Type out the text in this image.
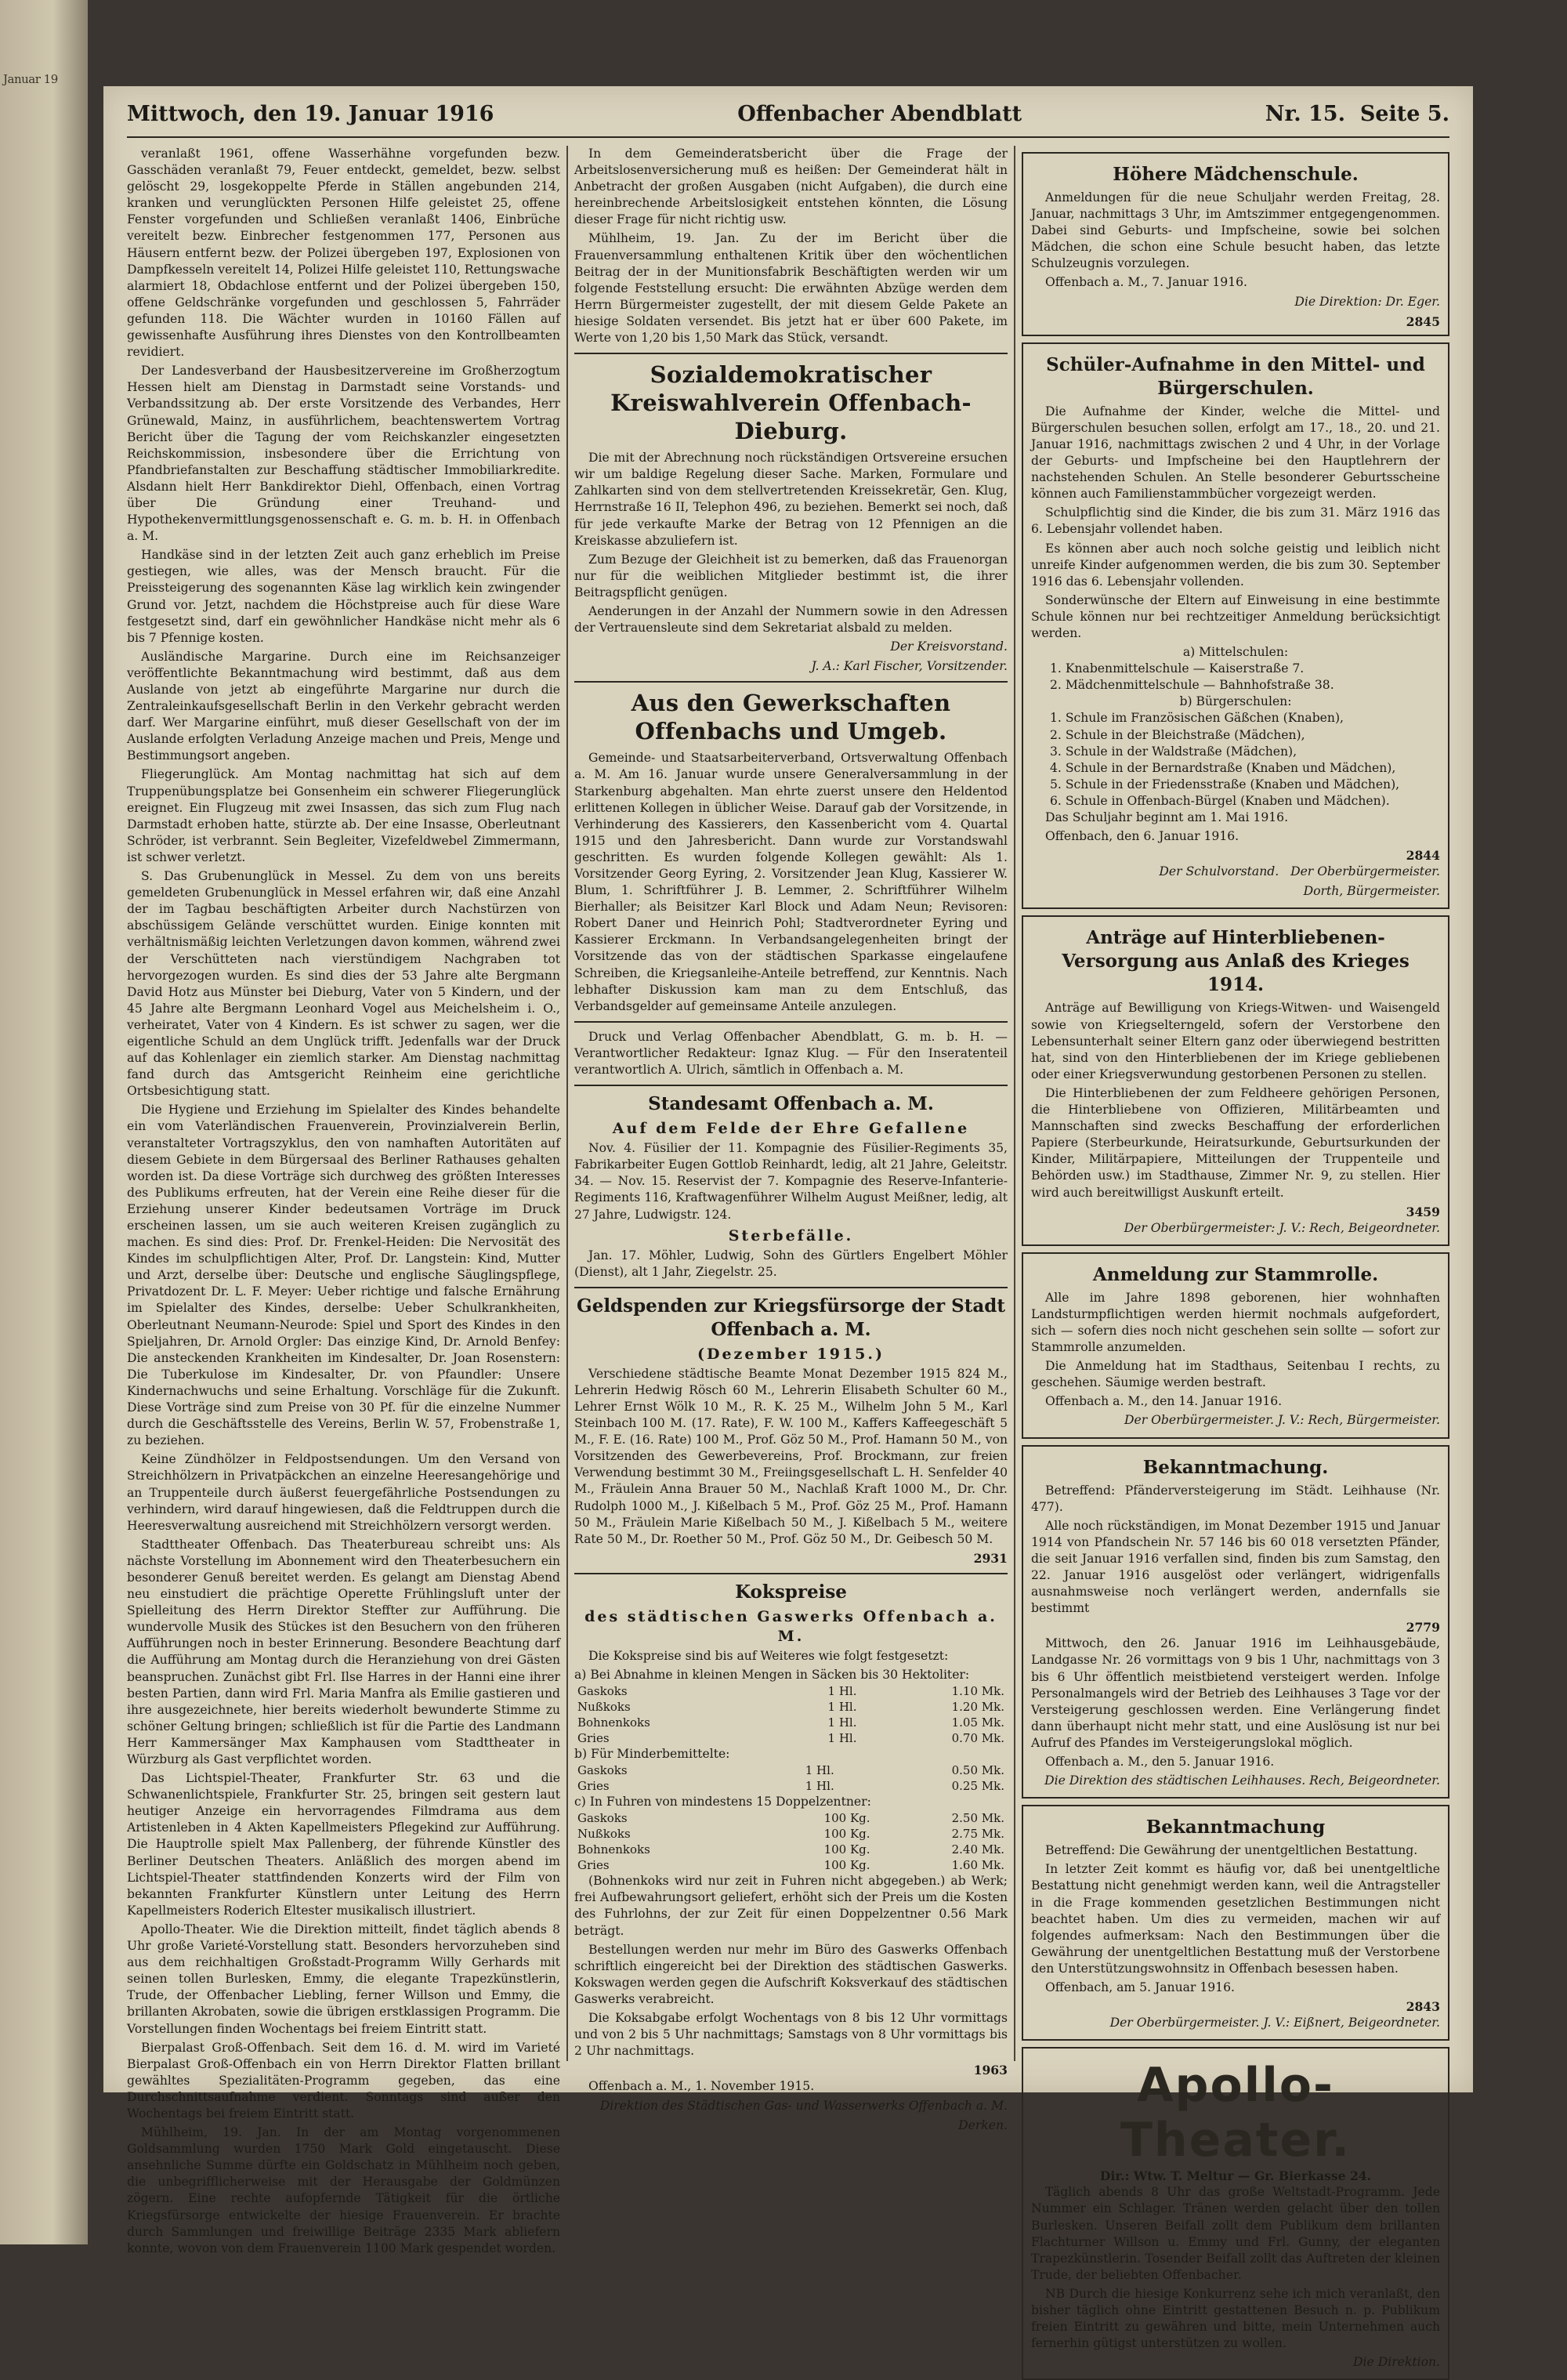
Januar 19

Mittwoch, den 19. Januar 1916	Offenbacher Abendblatt	Nr. 15. Seite 5.

veranlaßt 1961, offene Wasserhähne vorgefunden bezw. Gasschäden veranlaßt 79, Feuer entdeckt, gemeldet, bezw. selbst gelöscht 29, losgekoppelte Pferde in Ställen angebunden 214, kranken und verunglückten Personen Hilfe geleistet 25, offene Fenster vorgefunden und Schließen veranlaßt 1406, Einbrüche vereitelt bezw. Einbrecher festgenommen 177, Personen aus Häusern entfernt bezw. der Polizei übergeben 197, Explosionen von Dampfkesseln vereitelt 14, Polizei Hilfe geleistet 110, Rettungswache alarmiert 18, Obdachlose entfernt und der Polizei übergeben 150, offene Geldschränke vorgefunden und geschlossen 5, Fahrräder gefunden 118. Die Wächter wurden in 10160 Fällen auf gewissenhafte Ausführung ihres Dienstes von den Kontrollbeamten revidiert.

Der Landesverband der Hausbesitzervereine im Großherzogtum Hessen hielt am Dienstag in Darmstadt seine Vorstands- und Verbandssitzung ab. Der erste Vorsitzende des Verbandes, Herr Grünewald, Mainz, in ausführlichem, beachtenswertem Vortrag Bericht über die Tagung der vom Reichskanzler eingesetzten Reichskommission, insbesondere über die Errichtung von Pfandbriefanstalten zur Beschaffung städtischer Immobiliarkredite. Alsdann hielt Herr Bankdirektor Diehl, Offenbach, einen Vortrag über Die Gründung einer Treuhand- und Hypothekenvermittlungsgenossenschaft e. G. m. b. H. in Offenbach a. M.

Handkäse sind in der letzten Zeit auch ganz erheblich im Preise gestiegen, wie alles, was der Mensch braucht. Für die Preissteigerung des sogenannten Käse lag wirklich kein zwingender Grund vor. Jetzt, nachdem die Höchstpreise auch für diese Ware festgesetzt sind, darf ein gewöhnlicher Handkäse nicht mehr als 6 bis 7 Pfennige kosten.

Ausländische Margarine. Durch eine im Reichsanzeiger veröffentlichte Bekanntmachung wird bestimmt, daß aus dem Auslande von jetzt ab eingeführte Margarine nur durch die Zentraleinkaufsgesellschaft Berlin in den Verkehr gebracht werden darf. Wer Margarine einführt, muß dieser Gesellschaft von der im Auslande erfolgten Verladung Anzeige machen und Preis, Menge und Bestimmungsort angeben.

Fliegerunglück. Am Montag nachmittag hat sich auf dem Truppenübungsplatze bei Gonsenheim ein schwerer Fliegerunglück ereignet. Ein Flugzeug mit zwei Insassen, das sich zum Flug nach Darmstadt erhoben hatte, stürzte ab. Der eine Insasse, Oberleutnant Schröder, ist verbrannt. Sein Begleiter, Vizefeldwebel Zimmermann, ist schwer verletzt.

S. Das Grubenunglück in Messel. Zu dem von uns bereits gemeldeten Grubenunglück in Messel erfahren wir, daß eine Anzahl der im Tagbau beschäftigten Arbeiter durch Nachstürzen von abschüssigem Gelände verschüttet wurden. Einige konnten mit verhältnismäßig leichten Verletzungen davon kommen, während zwei der Verschütteten nach vierstündigem Nachgraben tot hervorgezogen wurden. Es sind dies der 53 Jahre alte Bergmann David Hotz aus Münster bei Dieburg, Vater von 5 Kindern, und der 45 Jahre alte Bergmann Leonhard Vogel aus Meichelsheim i. O., verheiratet, Vater von 4 Kindern. Es ist schwer zu sagen, wer die eigentliche Schuld an dem Unglück trifft. Jedenfalls war der Druck auf das Kohlenlager ein ziemlich starker. Am Dienstag nachmittag fand durch das Amtsgericht Reinheim eine gerichtliche Ortsbesichtigung statt.

Die Hygiene und Erziehung im Spielalter des Kindes behandelte ein vom Vaterländischen Frauenverein, Provinzialverein Berlin, veranstalteter Vortragszyklus, den von namhaften Autoritäten auf diesem Gebiete in dem Bürgersaal des Berliner Rathauses gehalten worden ist. Da diese Vorträge sich durchweg des größten Interesses des Publikums erfreuten, hat der Verein eine Reihe dieser für die Erziehung unserer Kinder bedeutsamen Vorträge im Druck erscheinen lassen, um sie auch weiteren Kreisen zugänglich zu machen. Es sind dies: Prof. Dr. Frenkel-Heiden: Die Nervosität des Kindes im schulpflichtigen Alter, Prof. Dr. Langstein: Kind, Mutter und Arzt, derselbe über: Deutsche und englische Säuglingspflege, Privatdozent Dr. L. F. Meyer: Ueber richtige und falsche Ernährung im Spielalter des Kindes, derselbe: Ueber Schulkrankheiten, Oberleutnant Neumann-Neurode: Spiel und Sport des Kindes in den Spieljahren, Dr. Arnold Orgler: Das einzige Kind, Dr. Arnold Benfey: Die ansteckenden Krankheiten im Kindesalter, Dr. Joan Rosenstern: Die Tuberkulose im Kindesalter, Dr. von Pfaundler: Unsere Kindernachwuchs und seine Erhaltung. Vorschläge für die Zukunft. Diese Vorträge sind zum Preise von 30 Pf. für die einzelne Nummer durch die Geschäftsstelle des Vereins, Berlin W. 57, Frobenstraße 1, zu beziehen.

Keine Zündhölzer in Feldpostsendungen. Um den Versand von Streichhölzern in Privatpäckchen an einzelne Heeresangehörige und an Truppenteile durch äußerst feuergefährliche Postsendungen zu verhindern, wird darauf hingewiesen, daß die Feldtruppen durch die Heeresverwaltung ausreichend mit Streichhölzern versorgt werden.

Stadttheater Offenbach. Das Theaterbureau schreibt uns: Als nächste Vorstellung im Abonnement wird den Theaterbesuchern ein besonderer Genuß bereitet werden. Es gelangt am Dienstag Abend neu einstudiert die prächtige Operette Frühlingsluft unter der Spielleitung des Herrn Direktor Steffter zur Aufführung. Die wundervolle Musik des Stückes ist den Besuchern von den früheren Aufführungen noch in bester Erinnerung. Besondere Beachtung darf die Aufführung am Montag durch die Heranziehung von drei Gästen beanspruchen. Zunächst gibt Frl. Ilse Harres in der Hanni eine ihrer besten Partien, dann wird Frl. Maria Manfra als Emilie gastieren und ihre ausgezeichnete, hier bereits wiederholt bewunderte Stimme zu schöner Geltung bringen; schließlich ist für die Partie des Landmann Herr Kammersänger Max Kamphausen vom Stadttheater in Würzburg als Gast verpflichtet worden.

Das Lichtspiel-Theater, Frankfurter Str. 63 und die Schwanenlichtspiele, Frankfurter Str. 25, bringen seit gestern laut heutiger Anzeige ein hervorragendes Filmdrama aus dem Artistenleben in 4 Akten Kapellmeisters Pflegekind zur Aufführung. Die Hauptrolle spielt Max Pallenberg, der führende Künstler des Berliner Deutschen Theaters. Anläßlich des morgen abend im Lichtspiel-Theater stattfindenden Konzerts wird der Film von bekannten Frankfurter Künstlern unter Leitung des Herrn Kapellmeisters Roderich Eltester musikalisch illustriert.

Apollo-Theater. Wie die Direktion mitteilt, findet täglich abends 8 Uhr große Varieté-Vorstellung statt. Besonders hervorzuheben sind aus dem reichhaltigen Großstadt-Programm Willy Gerhards mit seinen tollen Burlesken, Emmy, die elegante Trapezkünstlerin, Trude, der Offenbacher Liebling, ferner Willson und Emmy, die brillanten Akrobaten, sowie die übrigen erstklassigen Programm. Die Vorstellungen finden Wochentags bei freiem Eintritt statt.

Bierpalast Groß-Offenbach. Seit dem 16. d. M. wird im Varieté Bierpalast Groß-Offenbach ein von Herrn Direktor Flatten brillant gewähltes Spezialitäten-Programm gegeben, das eine Durchschnittsaufnahme verdient. Sonntags sind außer den Wochentags bei freiem Eintritt statt.

Mühlheim, 19. Jan. In der am Montag vorgenommenen Goldsammlung wurden 1750 Mark Gold eingetauscht. Diese ansehnliche Summe dürfte ein Goldschatz in Mühlheim noch geben, die unbegrifflicherweise mit der Herausgabe der Goldmünzen zögern. Eine rechte aufopfernde Tätigkeit für die örtliche Kriegsfürsorge entwickelte der hiesige Frauenverein. Er brachte durch Sammlungen und freiwillige Beiträge 2335 Mark abliefern konnte, wovon von dem Frauenverein 1100 Mark gespendet worden.

In dem Gemeinderatsbericht über die Frage der Arbeitslosenversicherung muß es heißen: Der Gemeinderat hält in Anbetracht der großen Ausgaben (nicht Aufgaben), die durch eine hereinbrechende Arbeitslosigkeit entstehen könnten, die Lösung dieser Frage für nicht richtig usw.

Mühlheim, 19. Jan. Zu der im Bericht über die Frauenversammlung enthaltenen Kritik über den wöchentlichen Beitrag der in der Munitionsfabrik Beschäftigten werden wir um folgende Feststellung ersucht: Die erwähnten Abzüge werden dem Herrn Bürgermeister zugestellt, der mit diesem Gelde Pakete an hiesige Soldaten versendet. Bis jetzt hat er über 600 Pakete, im Werte von 1,20 bis 1,50 Mark das Stück, versandt.

Sozialdemokratischer Kreiswahlverein Offenbach-Dieburg.

Die mit der Abrechnung noch rückständigen Ortsvereine ersuchen wir um baldige Regelung dieser Sache. Marken, Formulare und Zahlkarten sind von dem stellvertretenden Kreissekretär, Gen. Klug, Herrnstraße 16 II, Telephon 496, zu beziehen. Bemerkt sei noch, daß für jede verkaufte Marke der Betrag von 12 Pfennigen an die Kreiskasse abzuliefern ist.

Zum Bezuge der Gleichheit ist zu bemerken, daß das Frauenorgan nur für die weiblichen Mitglieder bestimmt ist, die ihrer Beitragspflicht genügen.

Aenderungen in der Anzahl der Nummern sowie in den Adressen der Vertrauensleute sind dem Sekretariat alsbald zu melden.

Der Kreisvorstand.
J. A.: Karl Fischer, Vorsitzender.
Aus den Gewerkschaften Offenbachs und Umgeb.

Gemeinde- und Staatsarbeiterverband, Ortsverwaltung Offenbach a. M. Am 16. Januar wurde unsere Generalversammlung in der Starkenburg abgehalten. Man ehrte zuerst unsere den Heldentod erlittenen Kollegen in üblicher Weise. Darauf gab der Vorsitzende, in Verhinderung des Kassierers, den Kassenbericht vom 4. Quartal 1915 und den Jahresbericht. Dann wurde zur Vorstandswahl geschritten. Es wurden folgende Kollegen gewählt: Als 1. Vorsitzender Georg Eyring, 2. Vorsitzender Jean Klug, Kassierer W. Blum, 1. Schriftführer J. B. Lemmer, 2. Schriftführer Wilhelm Bierhaller; als Beisitzer Karl Block und Adam Neun; Revisoren: Robert Daner und Heinrich Pohl; Stadtverordneter Eyring und Kassierer Erckmann. In Verbandsangelegenheiten bringt der Vorsitzende das von der städtischen Sparkasse eingelaufene Schreiben, die Kriegsanleihe-Anteile betreffend, zur Kenntnis. Nach lebhafter Diskussion kam man zu dem Entschluß, das Verbandsgelder auf gemeinsame Anteile anzulegen.

Druck und Verlag Offenbacher Abendblatt, G. m. b. H. — Verantwortlicher Redakteur: Ignaz Klug. — Für den Inseratenteil verantwortlich A. Ulrich, sämtlich in Offenbach a. M.

Standesamt Offenbach a. M.
Auf dem Felde der Ehre Gefallene

Nov. 4. Füsilier der 11. Kompagnie des Füsilier-Regiments 35, Fabrikarbeiter Eugen Gottlob Reinhardt, ledig, alt 21 Jahre, Geleitstr. 34. — Nov. 15. Reservist der 7. Kompagnie des Reserve-Infanterie-Regiments 116, Kraftwagenführer Wilhelm August Meißner, ledig, alt 27 Jahre, Ludwigstr. 124.

Sterbefälle.

Jan. 17. Möhler, Ludwig, Sohn des Gürtlers Engelbert Möhler (Dienst), alt 1 Jahr, Ziegelstr. 25.

Geldspenden zur Kriegsfürsorge der Stadt Offenbach a. M.
(Dezember 1915.)

Verschiedene städtische Beamte Monat Dezember 1915 824 M., Lehrerin Hedwig Rösch 60 M., Lehrerin Elisabeth Schulter 60 M., Lehrer Ernst Wölk 10 M., R. K. 25 M., Wilhelm John 5 M., Karl Steinbach 100 M. (17. Rate), F. W. 100 M., Kaffers Kaffeegeschäft 5 M., F. E. (16. Rate) 100 M., Prof. Göz 50 M., Prof. Hamann 50 M., von Vorsitzenden des Gewerbevereins, Prof. Brockmann, zur freien Verwendung bestimmt 30 M., Freiingsgesellschaft L. H. Senfelder 40 M., Fräulein Anna Brauer 50 M., Nachlaß Kraft 1000 M., Dr. Chr. Rudolph 1000 M., J. Kißelbach 5 M., Prof. Göz 25 M., Prof. Hamann 50 M., Fräulein Marie Kißelbach 50 M., J. Kißelbach 5 M., weitere Rate 50 M., Dr. Roether 50 M., Prof. Göz 50 M., Dr. Geibesch 50 M.

2931
Kokspreise
des städtischen Gaswerks Offenbach a. M.

Die Kokspreise sind bis auf Weiteres wie folgt festgesetzt:

a) Bei Abnahme in kleinen Mengen in Säcken bis 30 Hektoliter:
Gaskoks	1 Hl.	1.10 Mk.
Nußkoks	1 Hl.	1.20 Mk.
Bohnenkoks	1 Hl.	1.05 Mk.
Gries	1 Hl.	0.70 Mk.
b) Für Minderbemittelte:
Gaskoks	1 Hl.	0.50 Mk.
Gries	1 Hl.	0.25 Mk.
c) In Fuhren von mindestens 15 Doppelzentner:
Gaskoks	100 Kg.	2.50 Mk.
Nußkoks	100 Kg.	2.75 Mk.
Bohnenkoks	100 Kg.	2.40 Mk.
Gries	100 Kg.	1.60 Mk.

(Bohnenkoks wird nur zeit in Fuhren nicht abgegeben.) ab Werk; frei Aufbewahrungsort geliefert, erhöht sich der Preis um die Kosten des Fuhrlohns, der zur Zeit für einen Doppelzentner 0.56 Mark beträgt.

Bestellungen werden nur mehr im Büro des Gaswerks Offenbach schriftlich eingereicht bei der Direktion des städtischen Gaswerks. Kokswagen werden gegen die Aufschrift Koksverkauf des städtischen Gaswerks verabreicht.

Die Koksabgabe erfolgt Wochentags von 8 bis 12 Uhr vormittags und von 2 bis 5 Uhr nachmittags; Samstags von 8 Uhr vormittags bis 2 Uhr nachmittags.

1963

Offenbach a. M., 1. November 1915.

Direktion des Städtischen Gas- und Wasserwerks Offenbach a. M.
Derken.
Höhere Mädchenschule.

Anmeldungen für die neue Schuljahr werden Freitag, 28. Januar, nachmittags 3 Uhr, im Amtszimmer entgegengenommen. Dabei sind Geburts- und Impfscheine, sowie bei solchen Mädchen, die schon eine Schule besucht haben, das letzte Schulzeugnis vorzulegen.

Offenbach a. M., 7. Januar 1916.

Die Direktion: Dr. Eger.
2845
Schüler-Aufnahme in den Mittel- und Bürgerschulen.

Die Aufnahme der Kinder, welche die Mittel- und Bürgerschulen besuchen sollen, erfolgt am 17., 18., 20. und 21. Januar 1916, nachmittags zwischen 2 und 4 Uhr, in der Vorlage der Geburts- und Impfscheine bei den Hauptlehrern der nachstehenden Schulen. An Stelle besonderer Geburtsscheine können auch Familienstammbücher vorgezeigt werden.

Schulpflichtig sind die Kinder, die bis zum 31. März 1916 das 6. Lebensjahr vollendet haben.

Es können aber auch noch solche geistig und leiblich nicht unreife Kinder aufgenommen werden, die bis zum 30. September 1916 das 6. Lebensjahr vollenden.

Sonderwünsche der Eltern auf Einweisung in eine bestimmte Schule können nur bei rechtzeitiger Anmeldung berücksichtigt werden.

a) Mittelschulen:
1. Knabenmittelschule — Kaiserstraße 7.
2. Mädchenmittelschule — Bahnhofstraße 38.
b) Bürgerschulen:
1. Schule im Französischen Gäßchen (Knaben),
2. Schule in der Bleichstraße (Mädchen),
3. Schule in der Waldstraße (Mädchen),
4. Schule in der Bernardstraße (Knaben und Mädchen),
5. Schule in der Friedensstraße (Knaben und Mädchen),
6. Schule in Offenbach-Bürgel (Knaben und Mädchen).

Das Schuljahr beginnt am 1. Mai 1916.

Offenbach, den 6. Januar 1916.

2844
Der Schulvorstand. Der Oberbürgermeister.
Dorth, Bürgermeister.
Anträge auf Hinterbliebenen-Versorgung aus Anlaß des Krieges 1914.

Anträge auf Bewilligung von Kriegs-Witwen- und Waisengeld sowie von Kriegselterngeld, sofern der Verstorbene den Lebensunterhalt seiner Eltern ganz oder überwiegend bestritten hat, sind von den Hinterbliebenen der im Kriege gebliebenen oder einer Kriegsverwundung gestorbenen Personen zu stellen.

Die Hinterbliebenen der zum Feldheere gehörigen Personen, die Hinterbliebene von Offizieren, Militärbeamten und Mannschaften sind zwecks Beschaffung der erforderlichen Papiere (Sterbeurkunde, Heiratsurkunde, Geburtsurkunden der Kinder, Militärpapiere, Mitteilungen der Truppenteile und Behörden usw.) im Stadthause, Zimmer Nr. 9, zu stellen. Hier wird auch bereitwilligst Auskunft erteilt.

3459
Der Oberbürgermeister: J. V.: Rech, Beigeordneter.
Anmeldung zur Stammrolle.

Alle im Jahre 1898 geborenen, hier wohnhaften Landsturmpflichtigen werden hiermit nochmals aufgefordert, sich — sofern dies noch nicht geschehen sein sollte — sofort zur Stammrolle anzumelden.

Die Anmeldung hat im Stadthaus, Seitenbau I rechts, zu geschehen. Säumige werden bestraft.

Offenbach a. M., den 14. Januar 1916.

Der Oberbürgermeister. J. V.: Rech, Bürgermeister.
Bekanntmachung.

Betreffend: Pfänderversteigerung im Städt. Leihhause (Nr. 477).

Alle noch rückständigen, im Monat Dezember 1915 und Januar 1914 von Pfandschein Nr. 57 146 bis 60 018 versetzten Pfänder, die seit Januar 1916 verfallen sind, finden bis zum Samstag, den 22. Januar 1916 ausgelöst oder verlängert, widrigenfalls ausnahmsweise noch verlängert werden, andernfalls sie bestimmt

2779

Mittwoch, den 26. Januar 1916 im Leihhausgebäude, Landgasse Nr. 26 vormittags von 9 bis 1 Uhr, nachmittags von 3 bis 6 Uhr öffentlich meistbietend versteigert werden. Infolge Personalmangels wird der Betrieb des Leihhauses 3 Tage vor der Versteigerung geschlossen werden. Eine Verlängerung findet dann überhaupt nicht mehr statt, und eine Auslösung ist nur bei Aufruf des Pfandes im Versteigerungslokal möglich.

Offenbach a. M., den 5. Januar 1916.

Die Direktion des städtischen Leihhauses. Rech, Beigeordneter.
Bekanntmachung

Betreffend: Die Gewährung der unentgeltlichen Bestattung.

In letzter Zeit kommt es häufig vor, daß bei unentgeltliche Bestattung nicht genehmigt werden kann, weil die Antragsteller in die Frage kommenden gesetzlichen Bestimmungen nicht beachtet haben. Um dies zu vermeiden, machen wir auf folgendes aufmerksam: Nach den Bestimmungen über die Gewährung der unentgeltlichen Bestattung muß der Verstorbene den Unterstützungswohnsitz in Offenbach besessen haben.

Offenbach, am 5. Januar 1916.

2843
Der Oberbürgermeister. J. V.: Eißnert, Beigeordneter.
Apollo-Theater.
Dir.: Wtw. T. Meltur — Gr. Bierkasse 24.

Täglich abends 8 Uhr das große Weltstadt-Programm. Jede Nummer ein Schlager. Tränen werden gelacht über den tollen Burlesken. Unseren Beifall zollt dem Publikum dem brillanten Flachturner Willson u. Emmy und Frl. Gunny, der eleganten Trapezkünstlerin. Tosender Beifall zollt das Auftreten der kleinen Trude, der beliebten Offenbacher.

NB Durch die hiesige Konkurrenz sehe ich mich veranlaßt, den bisher täglich ohne Eintritt gestattenen Besuch n. p. Publikum freien Eintritt zu gewähren und bitte, mein Unternehmen auch fernerhin gütigst unterstützen zu wollen.

Die Direktion.
